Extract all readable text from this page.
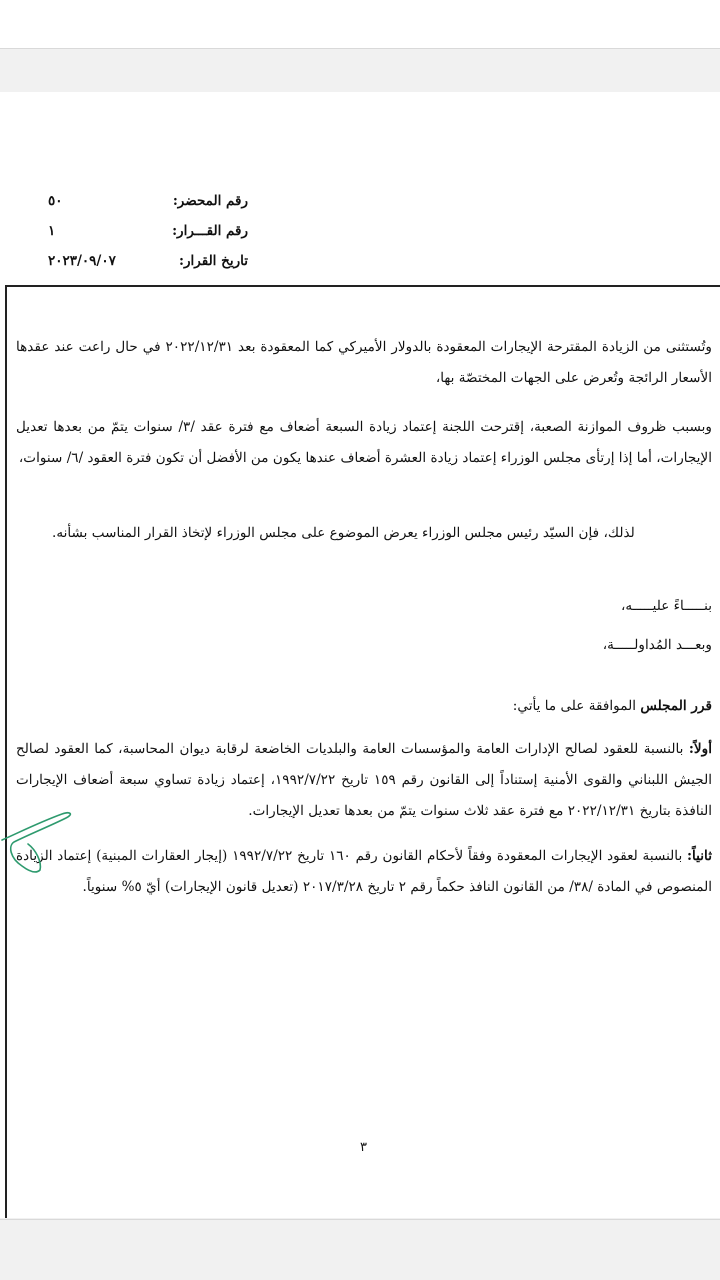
رقم المحضر:
٥٠
رقم القـــرار:
١
تاريخ القرار:
٢٠٢٣/٠٩/٠٧

وتُستثنى من الزيادة المقترحة الإيجارات المعقودة بالدولار الأميركي كما المعقودة بعد ٢٠٢٢/١٢/٣١ في حال راعت عند عقدها الأسعار الرائجة وتُعرض على الجهات المختصّة بها،

وبسبب ظروف الموازنة الصعبة، إقترحت اللجنة إعتماد زيادة السبعة أضعاف مع فترة عقد /٣/ سنوات يتمّ من بعدها تعديل الإيجارات، أما إذا إرتأى مجلس الوزراء إعتماد زيادة العشرة أضعاف عندها يكون من الأفضل أن تكون فترة العقود /٦/ سنوات،

لذلك، فإن السيّد رئيس مجلس الوزراء يعرض الموضوع على مجلس الوزراء لإتخاذ القرار المناسب بشأنه.

بنـــــاءً عليـــــه،

وبعـــد المُداولـــــة،

قرر المجلس الموافقة على ما يأتي:

أولاً: بالنسبة للعقود لصالح الإدارات العامة والمؤسسات العامة والبلديات الخاضعة لرقابة ديوان المحاسبة، كما العقود لصالح الجيش اللبناني والقوى الأمنية إستناداً إلى القانون رقم ١٥٩ تاريخ ١٩٩٢/٧/٢٢، إعتماد زيادة تساوي سبعة أضعاف الإيجارات النافذة بتاريخ ٢٠٢٢/١٢/٣١ مع فترة عقد ثلاث سنوات يتمّ من بعدها تعديل الإيجارات.

ثانياً: بالنسبة لعقود الإيجارات المعقودة وفقاً لأحكام القانون رقم ١٦٠ تاريخ ١٩٩٢/٧/٢٢ (إيجار العقارات المبنية) إعتماد الزيادة المنصوص في المادة /٣٨/ من القانون النافذ حكماً رقم ٢ تاريخ ٢٠١٧/٣/٢٨ (تعديل قانون الإيجارات) أيّ ٥% سنوياً.

٣
